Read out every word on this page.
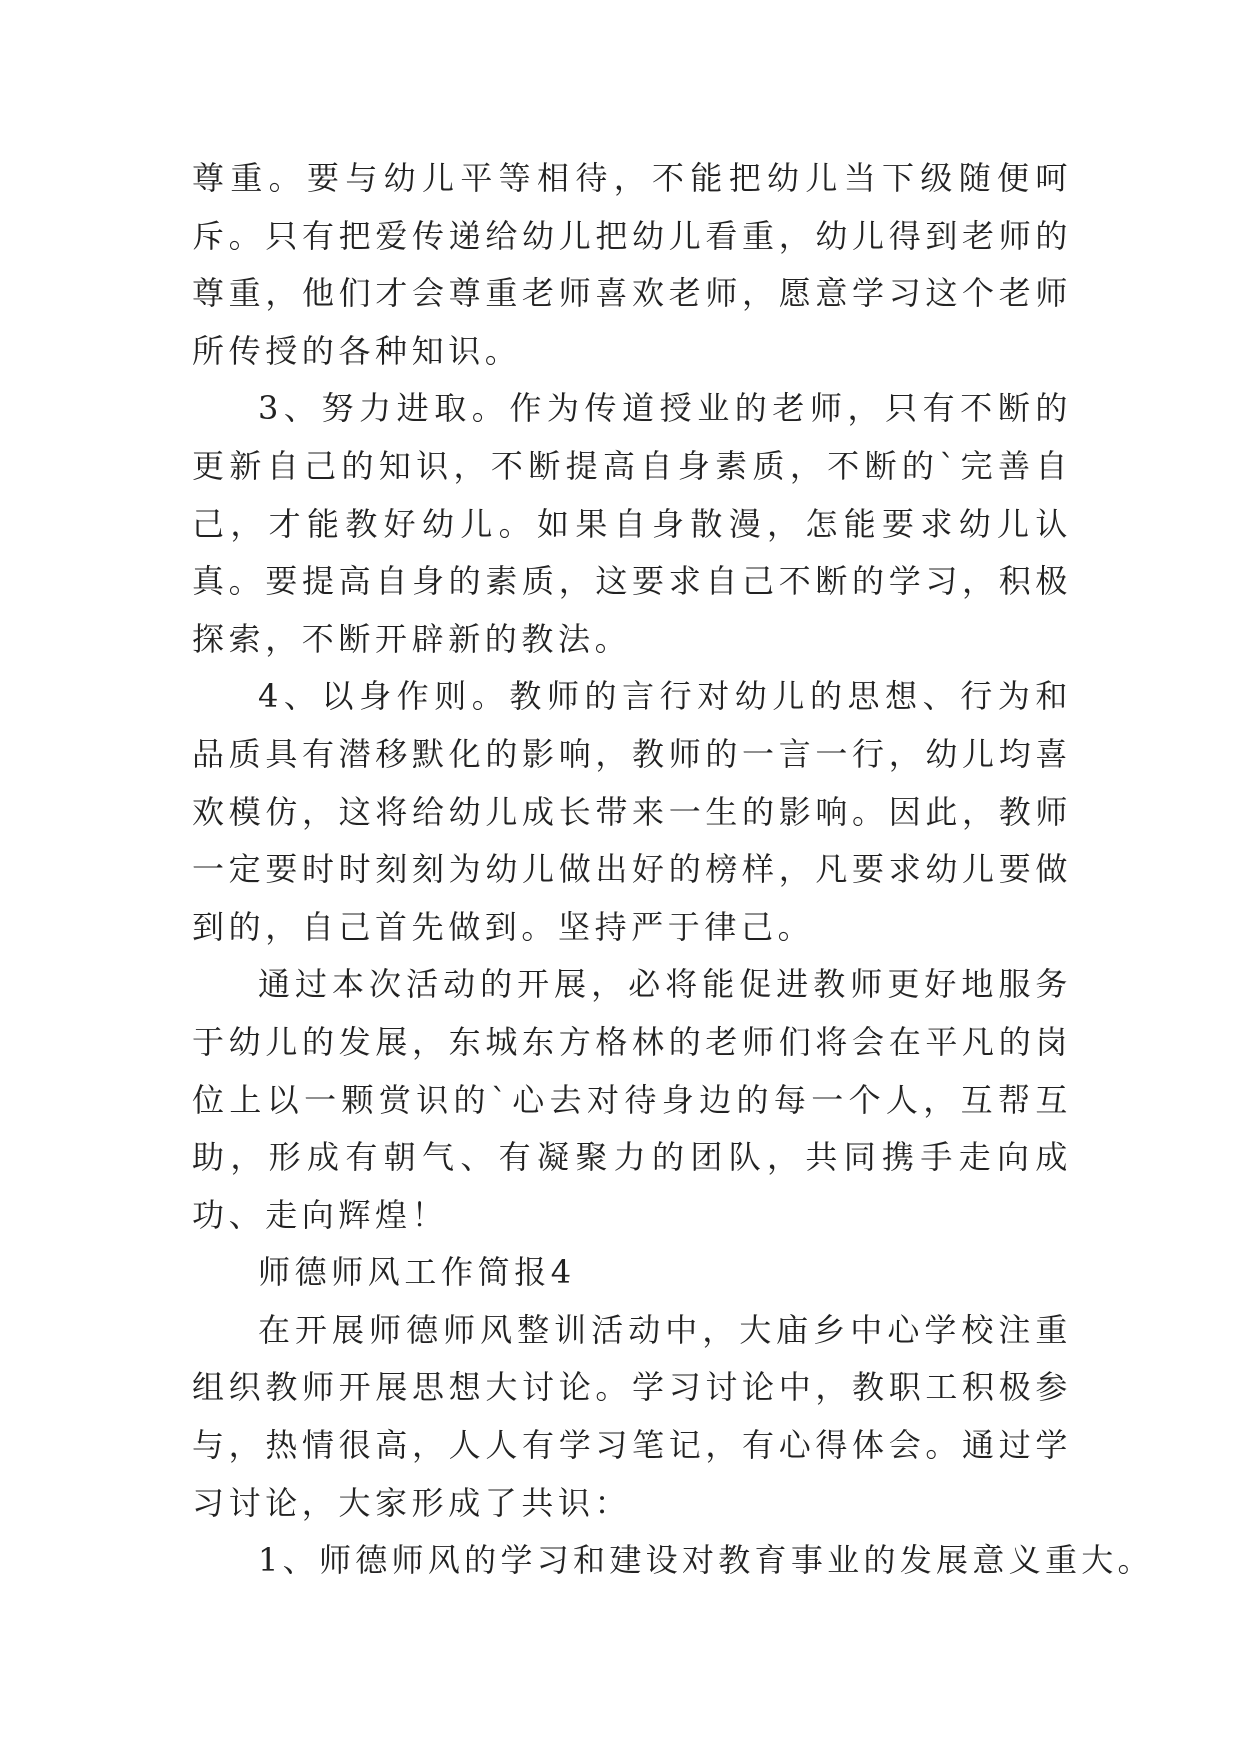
尊重。要与幼儿平等相待，不能把幼儿当下级随便呵斥。只有把爱传递给幼儿把幼儿看重，幼儿得到老师的尊重，他们才会尊重老师喜欢老师，愿意学习这个老师所传授的各种知识。

3、努力进取。作为传道授业的老师，只有不断的更新自己的知识，不断提高自身素质，不断的`完善自己，才能教好幼儿。如果自身散漫，怎能要求幼儿认真。要提高自身的素质，这要求自己不断的学习，积极探索，不断开辟新的教法。

4、以身作则。教师的言行对幼儿的思想、行为和品质具有潜移默化的影响，教师的一言一行，幼儿均喜欢模仿，这将给幼儿成长带来一生的影响。因此，教师一定要时时刻刻为幼儿做出好的榜样，凡要求幼儿要做到的，自己首先做到。坚持严于律己。

通过本次活动的开展，必将能促进教师更好地服务于幼儿的发展，东城东方格林的老师们将会在平凡的岗位上以一颗赏识的`心去对待身边的每一个人，互帮互助，形成有朝气、有凝聚力的团队，共同携手走向成功、走向辉煌！

师德师风工作简报4

在开展师德师风整训活动中，大庙乡中心学校注重组织教师开展思想大讨论。学习讨论中，教职工积极参与，热情很高，人人有学习笔记，有心得体会。通过学习讨论，大家形成了共识：

1、师德师风的学习和建设对教育事业的发展意义重大。
